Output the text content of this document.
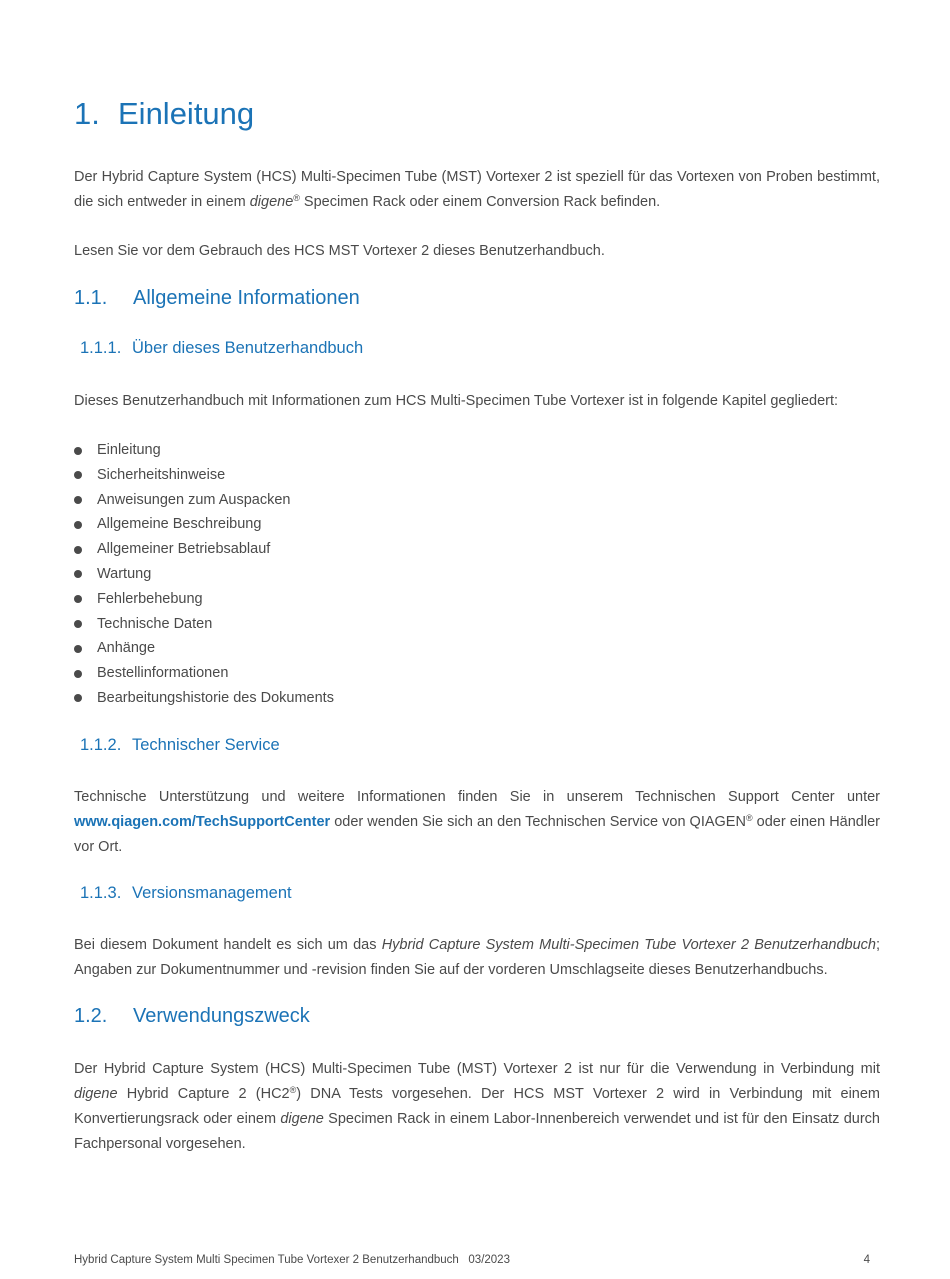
1. Einleitung

Der Hybrid Capture System (HCS) Multi-Specimen Tube (MST) Vortexer 2 ist speziell für das Vortexen von Proben bestimmt, die sich entweder in einem digene® Specimen Rack oder einem Conversion Rack befinden.

Lesen Sie vor dem Gebrauch des HCS MST Vortexer 2 dieses Benutzerhandbuch.

1.1. Allgemeine Informationen
1.1.1. Über dieses Benutzerhandbuch

Dieses Benutzerhandbuch mit Informationen zum HCS Multi-Specimen Tube Vortexer ist in folgende Kapitel gegliedert:

Einleitung
Sicherheitshinweise
Anweisungen zum Auspacken
Allgemeine Beschreibung
Allgemeiner Betriebsablauf
Wartung
Fehlerbehebung
Technische Daten
Anhänge
Bestellinformationen
Bearbeitungshistorie des Dokuments
1.1.2. Technischer Service

Technische Unterstützung und weitere Informationen finden Sie in unserem Technischen Support Center unter www.qiagen.com/TechSupportCenter oder wenden Sie sich an den Technischen Service von QIAGEN® oder einen Händler vor Ort.

1.1.3. Versionsmanagement

Bei diesem Dokument handelt es sich um das Hybrid Capture System Multi-Specimen Tube Vortexer 2 Benutzerhandbuch; Angaben zur Dokumentnummer und -revision finden Sie auf der vorderen Umschlagseite dieses Benutzerhandbuchs.

1.2. Verwendungszweck

Der Hybrid Capture System (HCS) Multi-Specimen Tube (MST) Vortexer 2 ist nur für die Verwendung in Verbindung mit digene Hybrid Capture 2 (HC2®) DNA Tests vorgesehen. Der HCS MST Vortexer 2 wird in Verbindung mit einem Konvertierungsrack oder einem digene Specimen Rack in einem Labor-Innenbereich verwendet und ist für den Einsatz durch Fachpersonal vorgesehen.

Hybrid Capture System Multi Specimen Tube Vortexer 2 Benutzerhandbuch   03/2023	4
